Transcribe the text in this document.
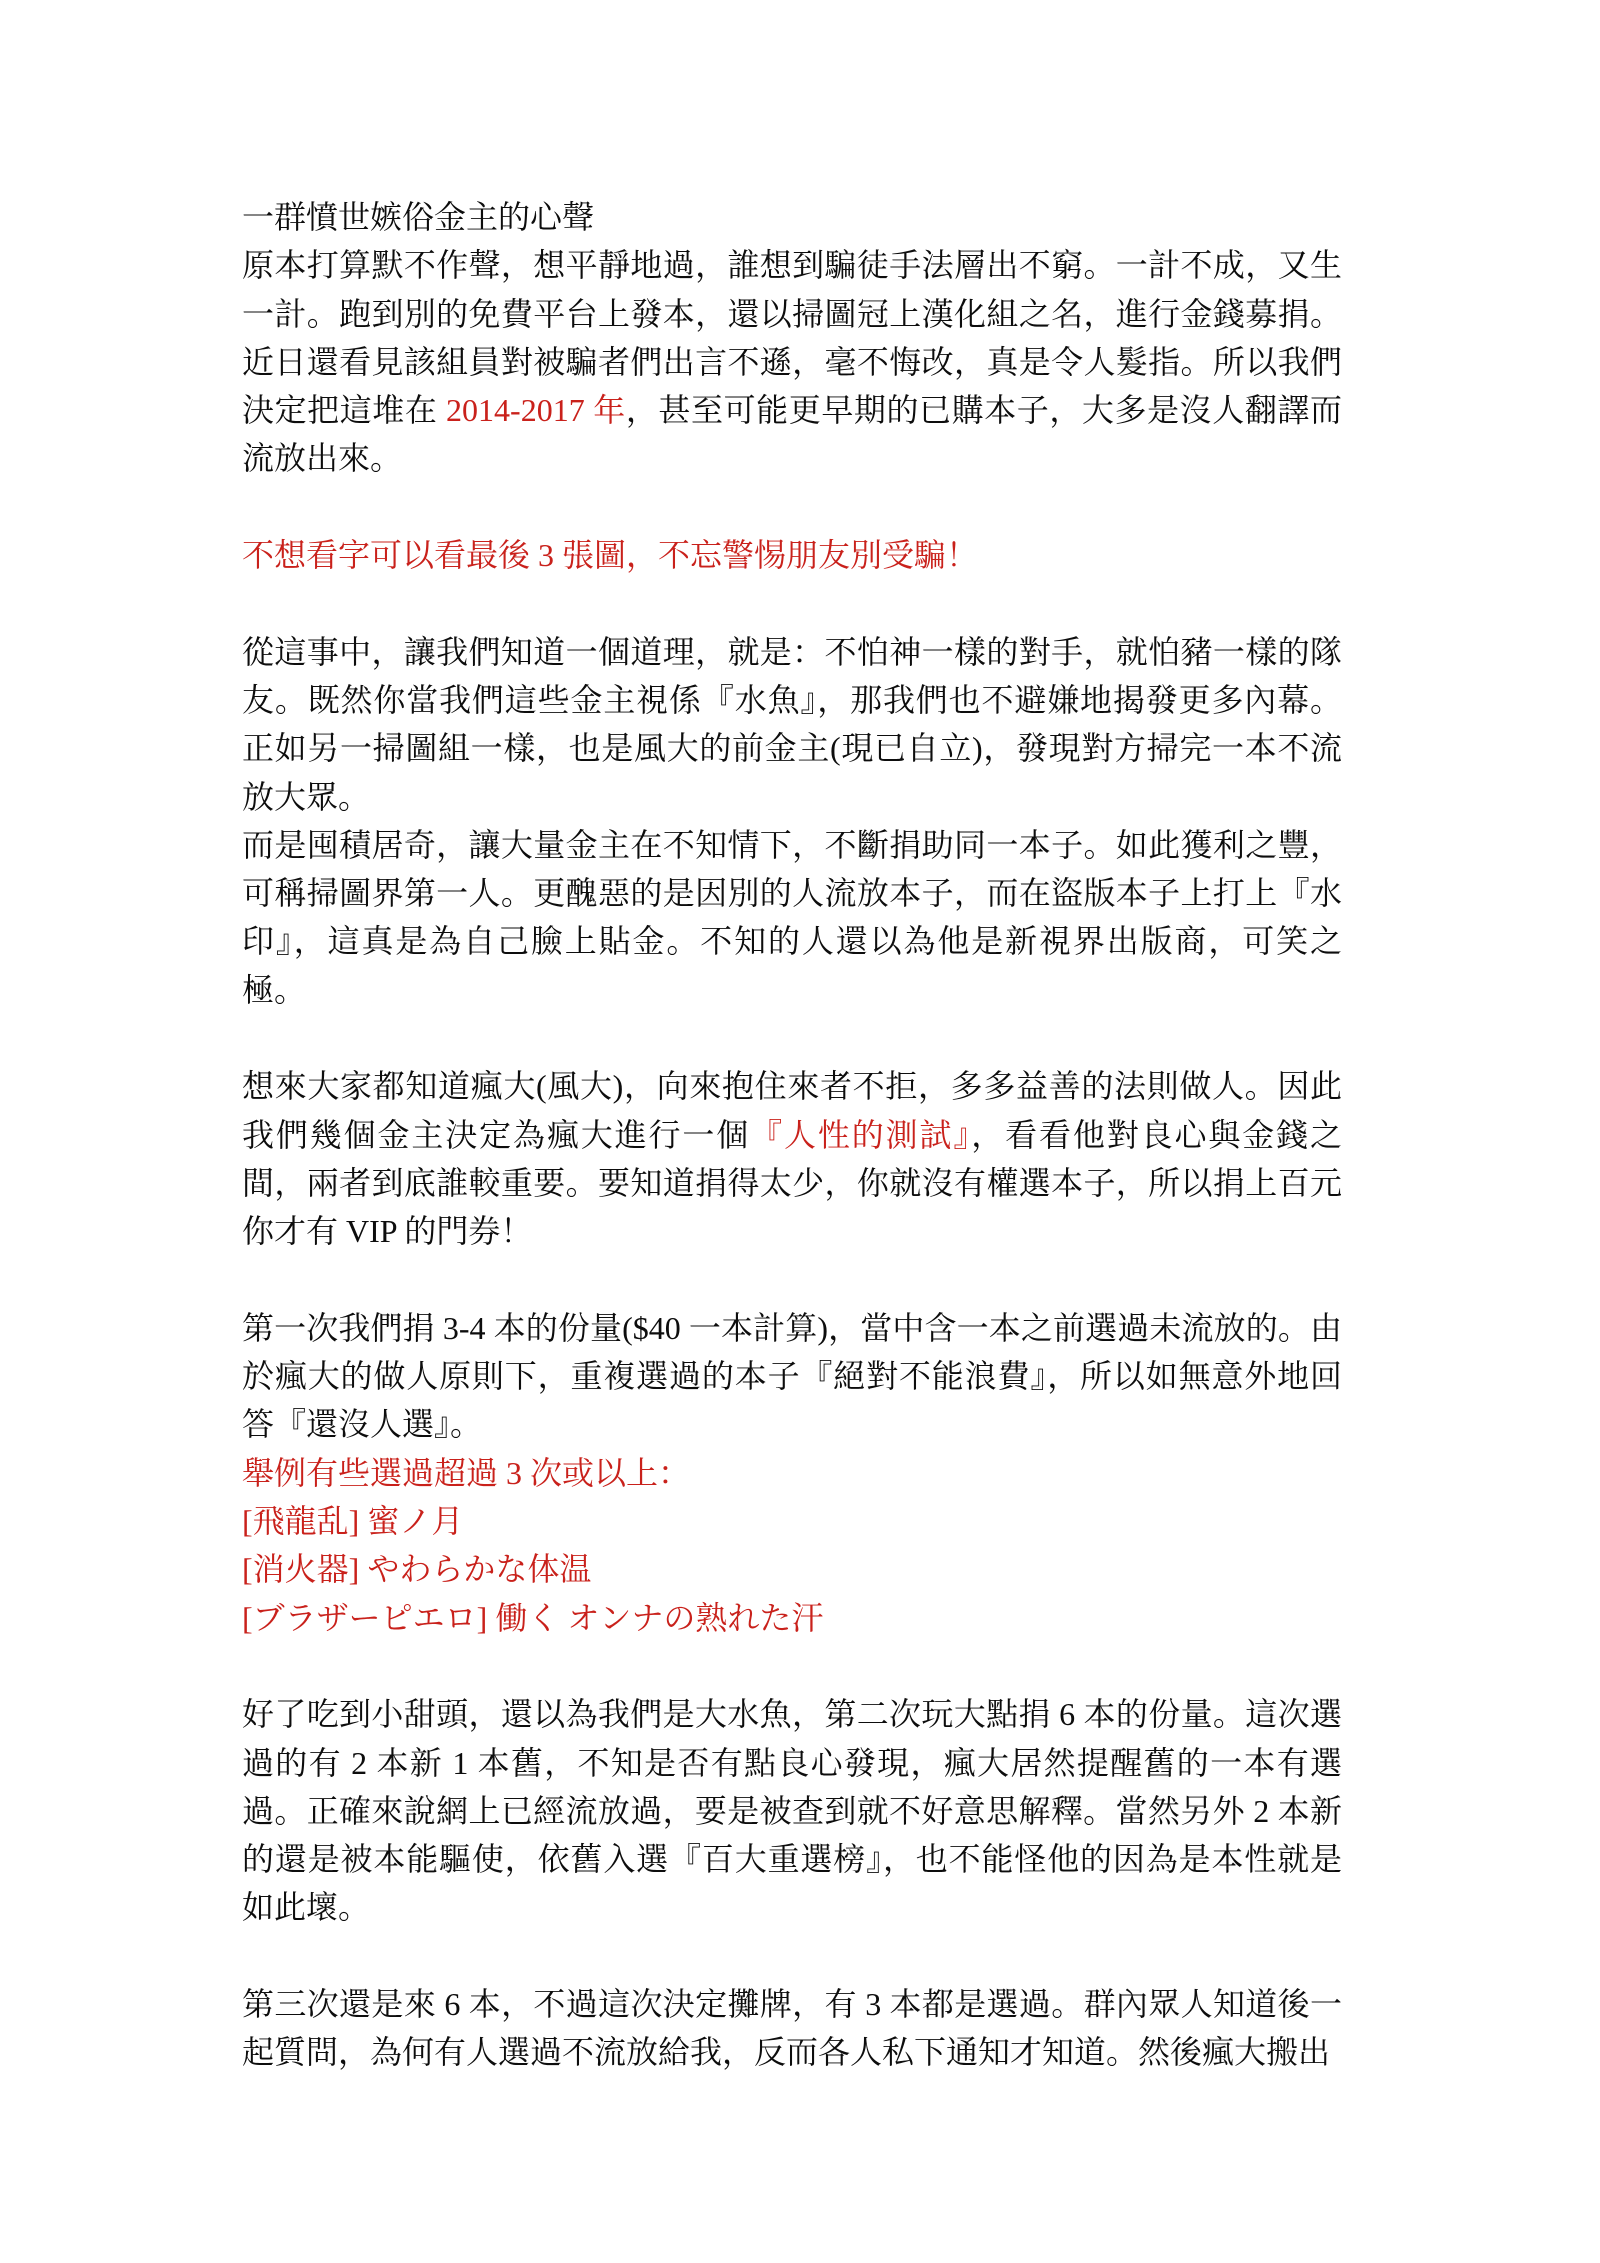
一群憤世嫉俗金主的心聲

原本打算默不作聲，想平靜地過，誰想到騙徒手法層出不窮。一計不成，又生一計。跑到別的免費平台上發本，還以掃圖冠上漢化組之名，進行金錢募捐。近日還看見該組員對被騙者們出言不遜，毫不悔改，真是令人髮指。所以我們決定把這堆在 2014-2017 年，甚至可能更早期的已購本子，大多是沒人翻譯而流放出來。

不想看字可以看最後 3 張圖，不忘警惕朋友別受騙！

從這事中，讓我們知道一個道理，就是：不怕神一樣的對手，就怕豬一樣的隊友。既然你當我們這些金主視係『水魚』，那我們也不避嫌地揭發更多內幕。正如另一掃圖組一樣，也是風大的前金主(現已自立)，發現對方掃完一本不流放大眾。

而是囤積居奇，讓大量金主在不知情下，不斷捐助同一本子。如此獲利之豐，可稱掃圖界第一人。更醜惡的是因別的人流放本子，而在盜版本子上打上『水印』，這真是為自己臉上貼金。不知的人還以為他是新視界出版商，可笑之極。

想來大家都知道瘋大(風大)，向來抱住來者不拒，多多益善的法則做人。因此我們幾個金主決定為瘋大進行一個『人性的測試』，看看他對良心與金錢之間，兩者到底誰較重要。要知道捐得太少，你就沒有權選本子，所以捐上百元你才有 VIP 的門券！

第一次我們捐 3-4 本的份量($40 一本計算)，當中含一本之前選過未流放的。由於瘋大的做人原則下，重複選過的本子『絕對不能浪費』，所以如無意外地回答『還沒人選』。

舉例有些選過超過 3 次或以上：

[飛龍乱] 蜜ノ月

[消火器] やわらかな体温

[ブラザーピエロ] 働く オンナの熟れた汗

好了吃到小甜頭，還以為我們是大水魚，第二次玩大點捐 6 本的份量。這次選過的有 2 本新 1 本舊，不知是否有點良心發現，瘋大居然提醒舊的一本有選過。正確來說網上已經流放過，要是被查到就不好意思解釋。當然另外 2 本新的還是被本能驅使，依舊入選『百大重選榜』，也不能怪他的因為是本性就是如此壞。

第三次還是來 6 本，不過這次決定攤牌，有 3 本都是選過。群內眾人知道後一起質問，為何有人選過不流放給我，反而各人私下通知才知道。然後瘋大搬出
